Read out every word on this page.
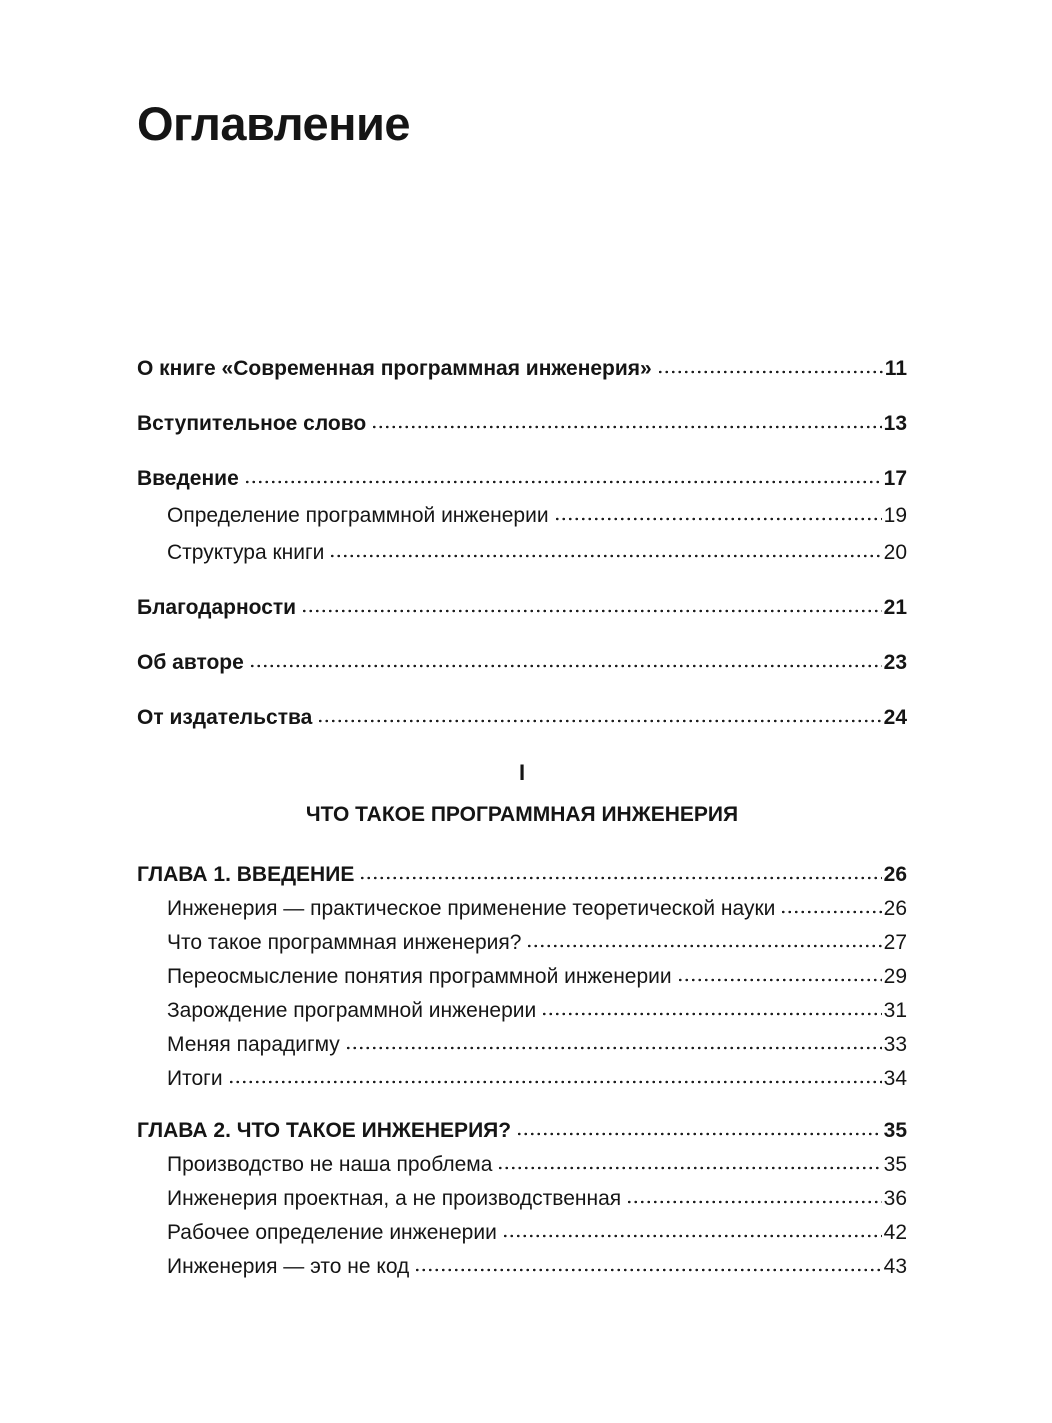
Оглавление
О книге «Современная программная инженерия»	11
Вступительное слово	13
Введение	17
Определение программной инженерии	19
Структура книги	20
Благодарности	21
Об авторе	23
От издательства	24
I
ЧТО ТАКОЕ ПРОГРАММНАЯ ИНЖЕНЕРИЯ
ГЛАВА 1. ВВЕДЕНИЕ	26
Инженерия — практическое применение теоретической науки	26
Что такое программная инженерия?	27
Переосмысление понятия программной инженерии	29
Зарождение программной инженерии	31
Меняя парадигму	33
Итоги	34
ГЛАВА 2. ЧТО ТАКОЕ ИНЖЕНЕРИЯ?	35
Производство не наша проблема	35
Инженерия проектная, а не производственная	36
Рабочее определение инженерии	42
Инженерия — это не код	43
